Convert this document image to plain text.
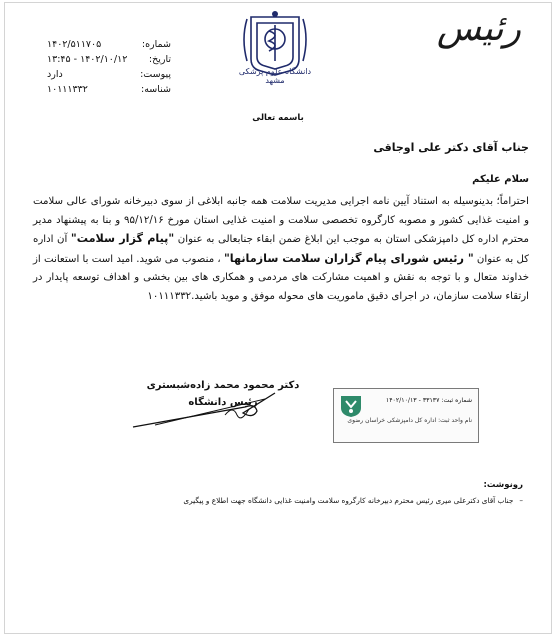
رئیس
دانشگاه علوم پزشکی مشهد
شماره:
۱۴۰۲/۵۱۱۷۰۵
تاریخ:
۱۴۰۲/۱۰/۱۲ - ۱۳:۴۵
پیوست:
دارد
شناسه:
۱۰۱۱۱۳۳۲
باسمه تعالی
جناب آقای دکتر علی اوجاقی
سلام علیکم
احتراماً؛ بدینوسیله به استناد آیین نامه اجرایی مدیریت سلامت همه جانبه ابلاغی از سوی دبیرخانه شورای عالی سلامت و امنیت غذایی کشور و مصوبه کارگروه تخصصی سلامت و امنیت غذایی استان مورخ ۹۵/۱۲/۱۶ و بنا به پیشنهاد مدیر محترم اداره کل دامپزشکی استان به موجب این ابلاغ ضمن ابقاء جنابعالی به عنوان "پیام گزار سلامت" آن اداره کل به عنوان " رئیس شورای پیام گزاران سلامت سازمانها" ، منصوب می شوید. امید است با استعانت از خداوند متعال و با توجه به نقش و اهمیت مشارکت های مردمی و همکاری های بین بخشی و اهداف توسعه پایدار در ارتقاء سلامت سازمان، در اجرای دقیق ماموریت های محوله موفق و موید باشید.۱۰۱۱۱۳۳۲
دکتر محمود محمد زاده‌شبستری
رئیس دانشگاه	شماره ثبت: ۳۳۱۳۷ - ۱۴۰۲/۱۰/۱۳
نام واحد ثبت: اداره کل دامپزشکی خراسان رضوی
رونوشت:
–
جناب آقای دکترعلی میری رئیس محترم دبیرخانه کارگروه سلامت وامنیت غذایی دانشگاه جهت اطلاع و پیگیری
